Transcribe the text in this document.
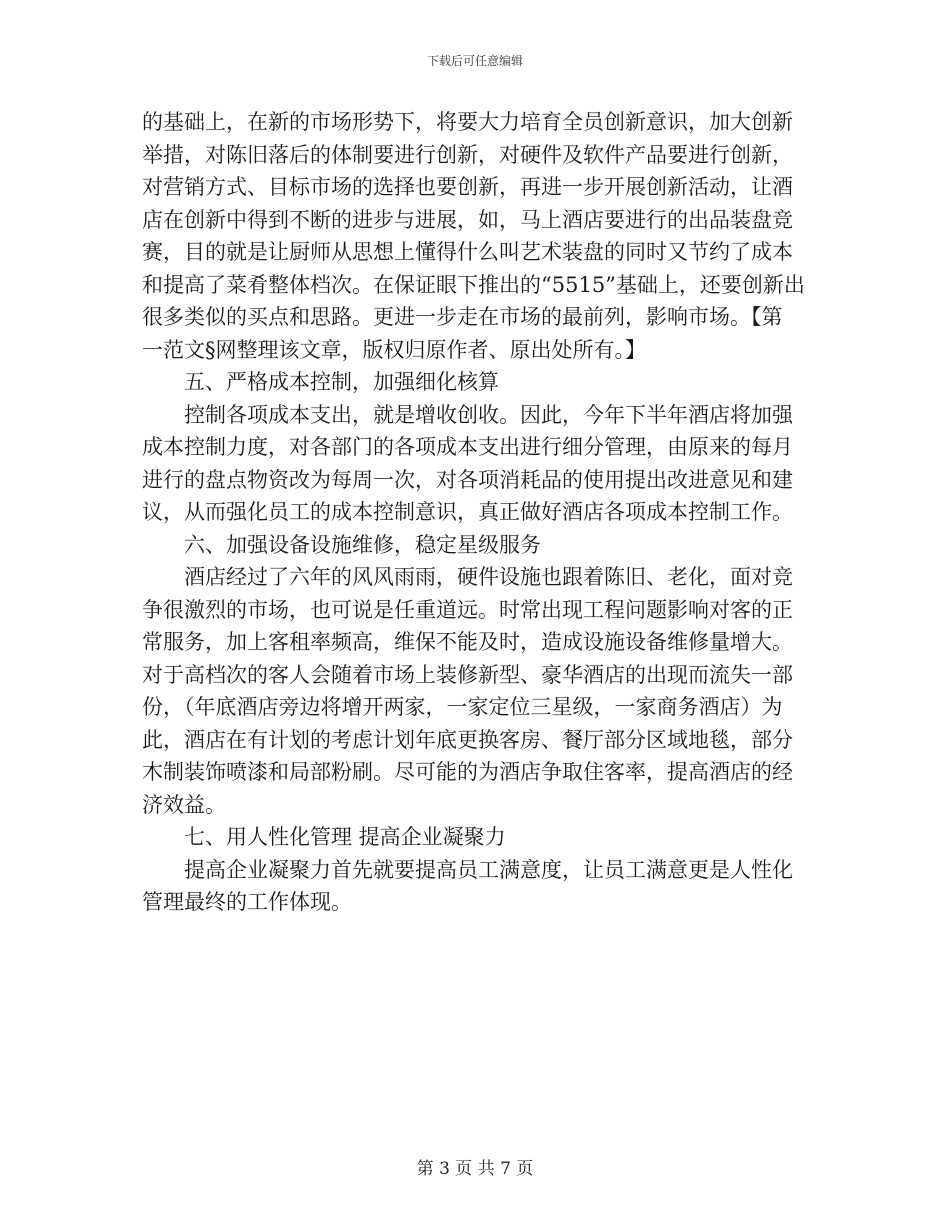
下载后可任意编辑

的基础上，在新的市场形势下，将要大力培育全员创新意识，加大创新举措，对陈旧落后的体制要进行创新，对硬件及软件产品要进行创新，对营销方式、目标市场的选择也要创新，再进一步开展创新活动，让酒店在创新中得到不断的进步与进展，如，马上酒店要进行的出品装盘竞赛，目的就是让厨师从思想上懂得什么叫艺术装盘的同时又节约了成本和提高了菜肴整体档次。在保证眼下推出的“5515”基础上，还要创新出很多类似的买点和思路。更进一步走在市场的最前列，影响市场。【第 一范文§网整理该文章，版权归原作者、原出处所有。】

五、严格成本控制，加强细化核算

控制各项成本支出，就是增收创收。因此，今年下半年酒店将加强成本控制力度，对各部门的各项成本支出进行细分管理，由原来的每月进行的盘点物资改为每周一次，对各项消耗品的使用提出改进意见和建议，从而强化员工的成本控制意识，真正做好酒店各项成本控制工作。

六、加强设备设施维修，稳定星级服务

酒店经过了六年的风风雨雨，硬件设施也跟着陈旧、老化，面对竞争很激烈的市场，也可说是任重道远。时常出现工程问题影响对客的正常服务，加上客租率频高，维保不能及时，造成设施设备维修量增大。对于高档次的客人会随着市场上装修新型、豪华酒店的出现而流失一部份，（年底酒店旁边将增开两家，一家定位三星级，一家商务酒店）为此，酒店在有计划的考虑计划年底更换客房、餐厅部分区域地毯，部分木制装饰喷漆和局部粉刷。尽可能的为酒店争取住客率，提高酒店的经济效益。

七、用人性化管理 提高企业凝聚力

提高企业凝聚力首先就要提高员工满意度，让员工满意更是人性化管理最终的工作体现。

第 3 页 共 7 页
